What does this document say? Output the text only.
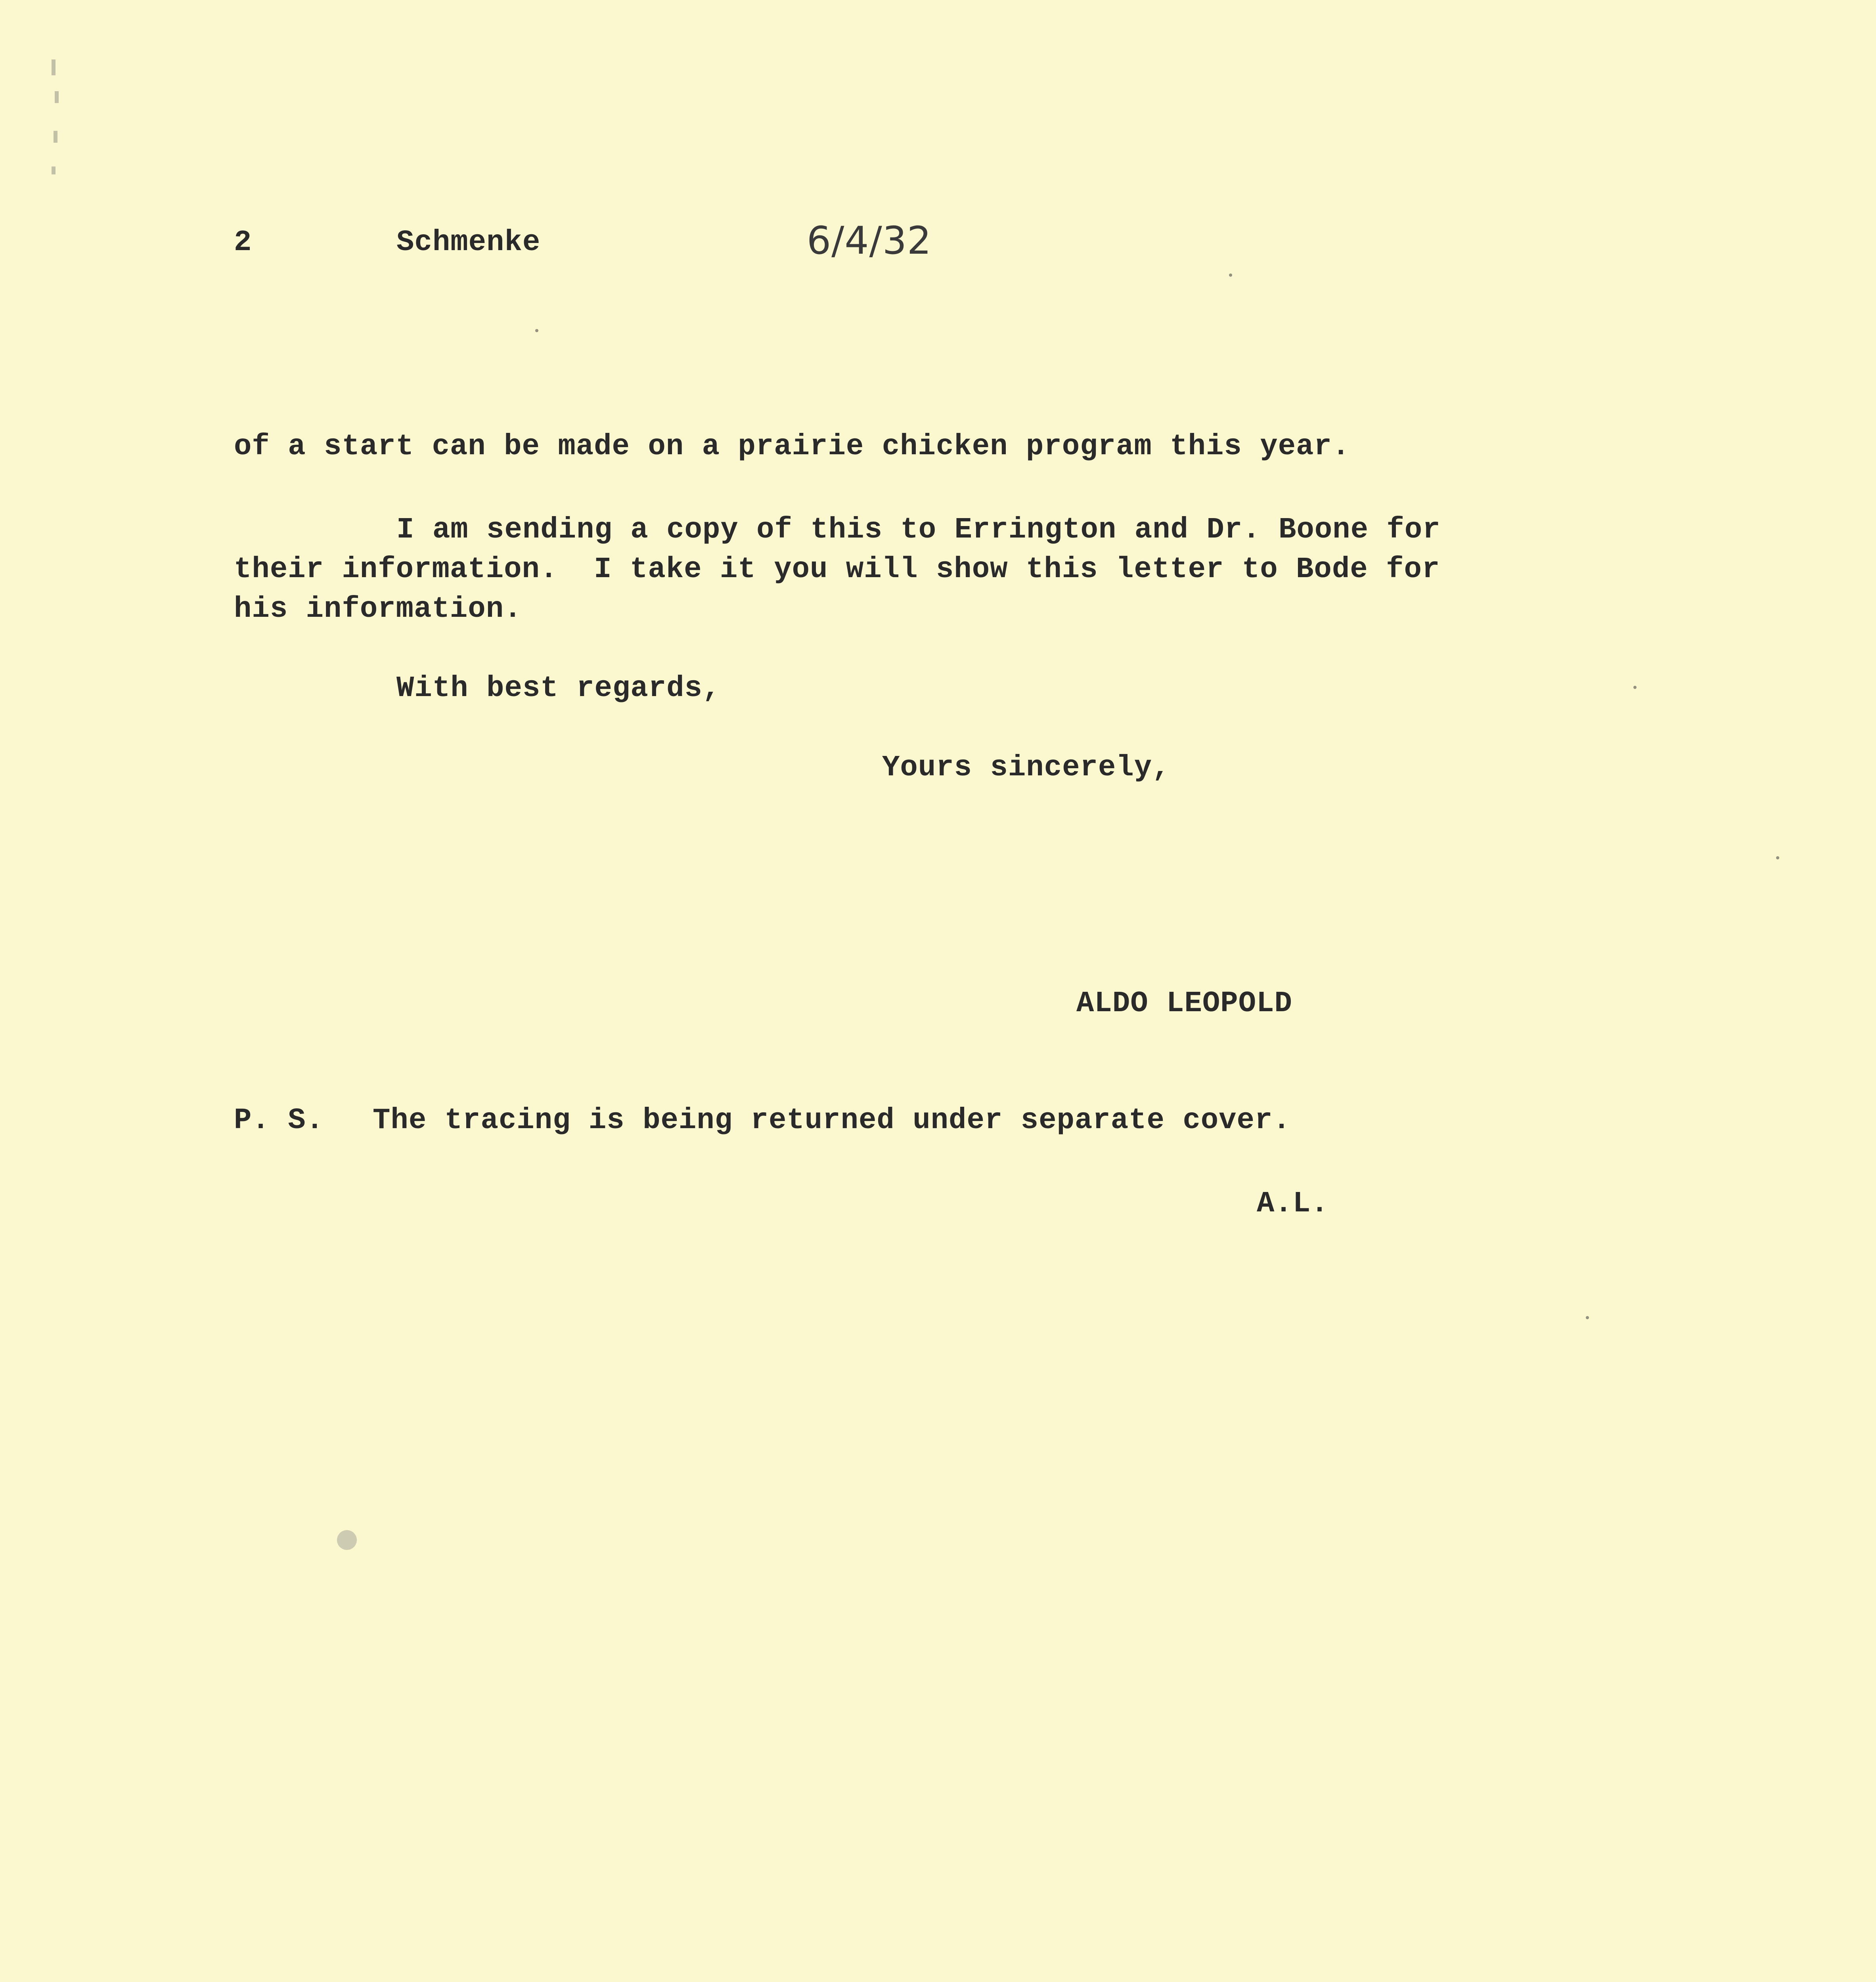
2	Schmenke	6/4/32
of a start can be made on a prairie chicken program this year.
I am sending a copy of this to Errington and Dr. Boone for
their information.  I take it you will show this letter to Bode for
his information.
With best regards,
Yours sincerely,
ALDO LEOPOLD
P. S. The tracing is being returned under separate cover.
A.L.
